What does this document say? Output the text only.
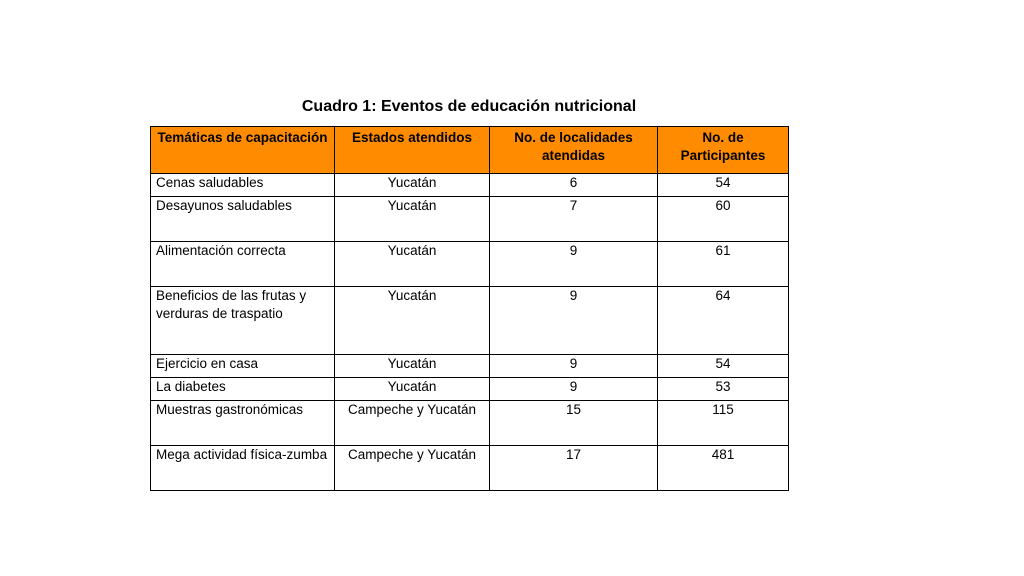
Cuadro 1: Eventos de educación nutricional
Temáticas de capacitación	Estados atendidos	No. de localidades atendidas	No. de Participantes
Cenas saludables	Yucatán	6	54
Desayunos saludables	Yucatán	7	60
Alimentación correcta	Yucatán	9	61
Beneficios de las frutas y verduras de traspatio	Yucatán	9	64
Ejercicio en casa	Yucatán	9	54
La diabetes	Yucatán	9	53
Muestras gastronómicas	Campeche y Yucatán	15	115
Mega actividad física-zumba	Campeche y Yucatán	17	481
